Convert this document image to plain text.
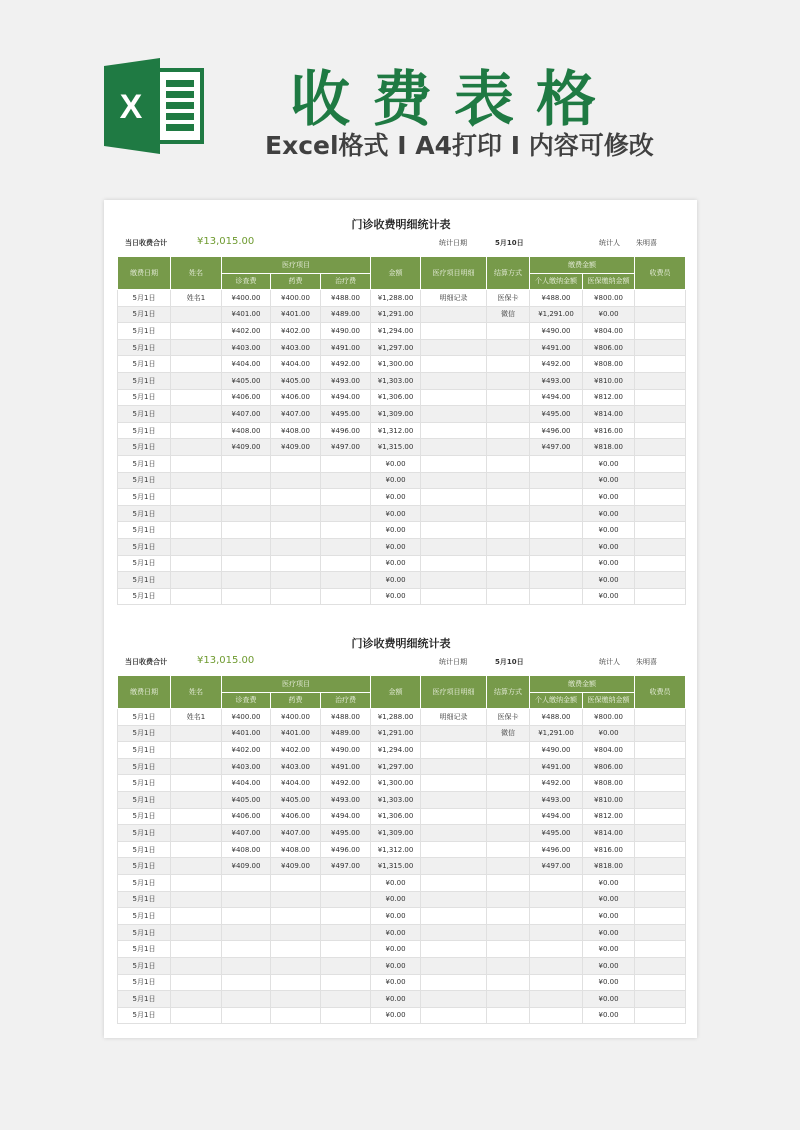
X 收费表格
Excel格式 I A4打印 I 内容可修改
门诊收费明细统计表
当日收费合计	¥13,015.00	统计日期	5月10日	统计人 朱明喜
缴费日期	姓名	医疗项目			金额	医疗项目明细	结算方式	缴费金额		收费员
		诊查费	药费	治疗费				个人缴纳金额	医保缴纳金额	
5月1日	姓名1	¥400.00	¥400.00	¥488.00	¥1,288.00	明细记录	医保卡	¥488.00	¥800.00	
5月1日		¥401.00	¥401.00	¥489.00	¥1,291.00		微信	¥1,291.00	¥0.00	
5月1日		¥402.00	¥402.00	¥490.00	¥1,294.00			¥490.00	¥804.00	
5月1日		¥403.00	¥403.00	¥491.00	¥1,297.00			¥491.00	¥806.00	
5月1日		¥404.00	¥404.00	¥492.00	¥1,300.00			¥492.00	¥808.00	
5月1日		¥405.00	¥405.00	¥493.00	¥1,303.00			¥493.00	¥810.00	
5月1日		¥406.00	¥406.00	¥494.00	¥1,306.00			¥494.00	¥812.00	
5月1日		¥407.00	¥407.00	¥495.00	¥1,309.00			¥495.00	¥814.00	
5月1日		¥408.00	¥408.00	¥496.00	¥1,312.00			¥496.00	¥816.00	
5月1日		¥409.00	¥409.00	¥497.00	¥1,315.00			¥497.00	¥818.00	
5月1日					¥0.00				¥0.00	
5月1日					¥0.00				¥0.00	
5月1日					¥0.00				¥0.00	
5月1日					¥0.00				¥0.00	
5月1日					¥0.00				¥0.00	
5月1日					¥0.00				¥0.00	
5月1日					¥0.00				¥0.00	
5月1日					¥0.00				¥0.00	
5月1日					¥0.00				¥0.00	
门诊收费明细统计表
当日收费合计	¥13,015.00	统计日期	5月10日	统计人 朱明喜
缴费日期	姓名	医疗项目			金额	医疗项目明细	结算方式	缴费金额		收费员
		诊查费	药费	治疗费				个人缴纳金额	医保缴纳金额	
5月1日	姓名1	¥400.00	¥400.00	¥488.00	¥1,288.00	明细记录	医保卡	¥488.00	¥800.00	
5月1日		¥401.00	¥401.00	¥489.00	¥1,291.00		微信	¥1,291.00	¥0.00	
5月1日		¥402.00	¥402.00	¥490.00	¥1,294.00			¥490.00	¥804.00	
5月1日		¥403.00	¥403.00	¥491.00	¥1,297.00			¥491.00	¥806.00	
5月1日		¥404.00	¥404.00	¥492.00	¥1,300.00			¥492.00	¥808.00	
5月1日		¥405.00	¥405.00	¥493.00	¥1,303.00			¥493.00	¥810.00	
5月1日		¥406.00	¥406.00	¥494.00	¥1,306.00			¥494.00	¥812.00	
5月1日		¥407.00	¥407.00	¥495.00	¥1,309.00			¥495.00	¥814.00	
5月1日		¥408.00	¥408.00	¥496.00	¥1,312.00			¥496.00	¥816.00	
5月1日		¥409.00	¥409.00	¥497.00	¥1,315.00			¥497.00	¥818.00	
5月1日					¥0.00				¥0.00	
5月1日					¥0.00				¥0.00	
5月1日					¥0.00				¥0.00	
5月1日					¥0.00				¥0.00	
5月1日					¥0.00				¥0.00	
5月1日					¥0.00				¥0.00	
5月1日					¥0.00				¥0.00	
5月1日					¥0.00				¥0.00	
5月1日					¥0.00				¥0.00	
